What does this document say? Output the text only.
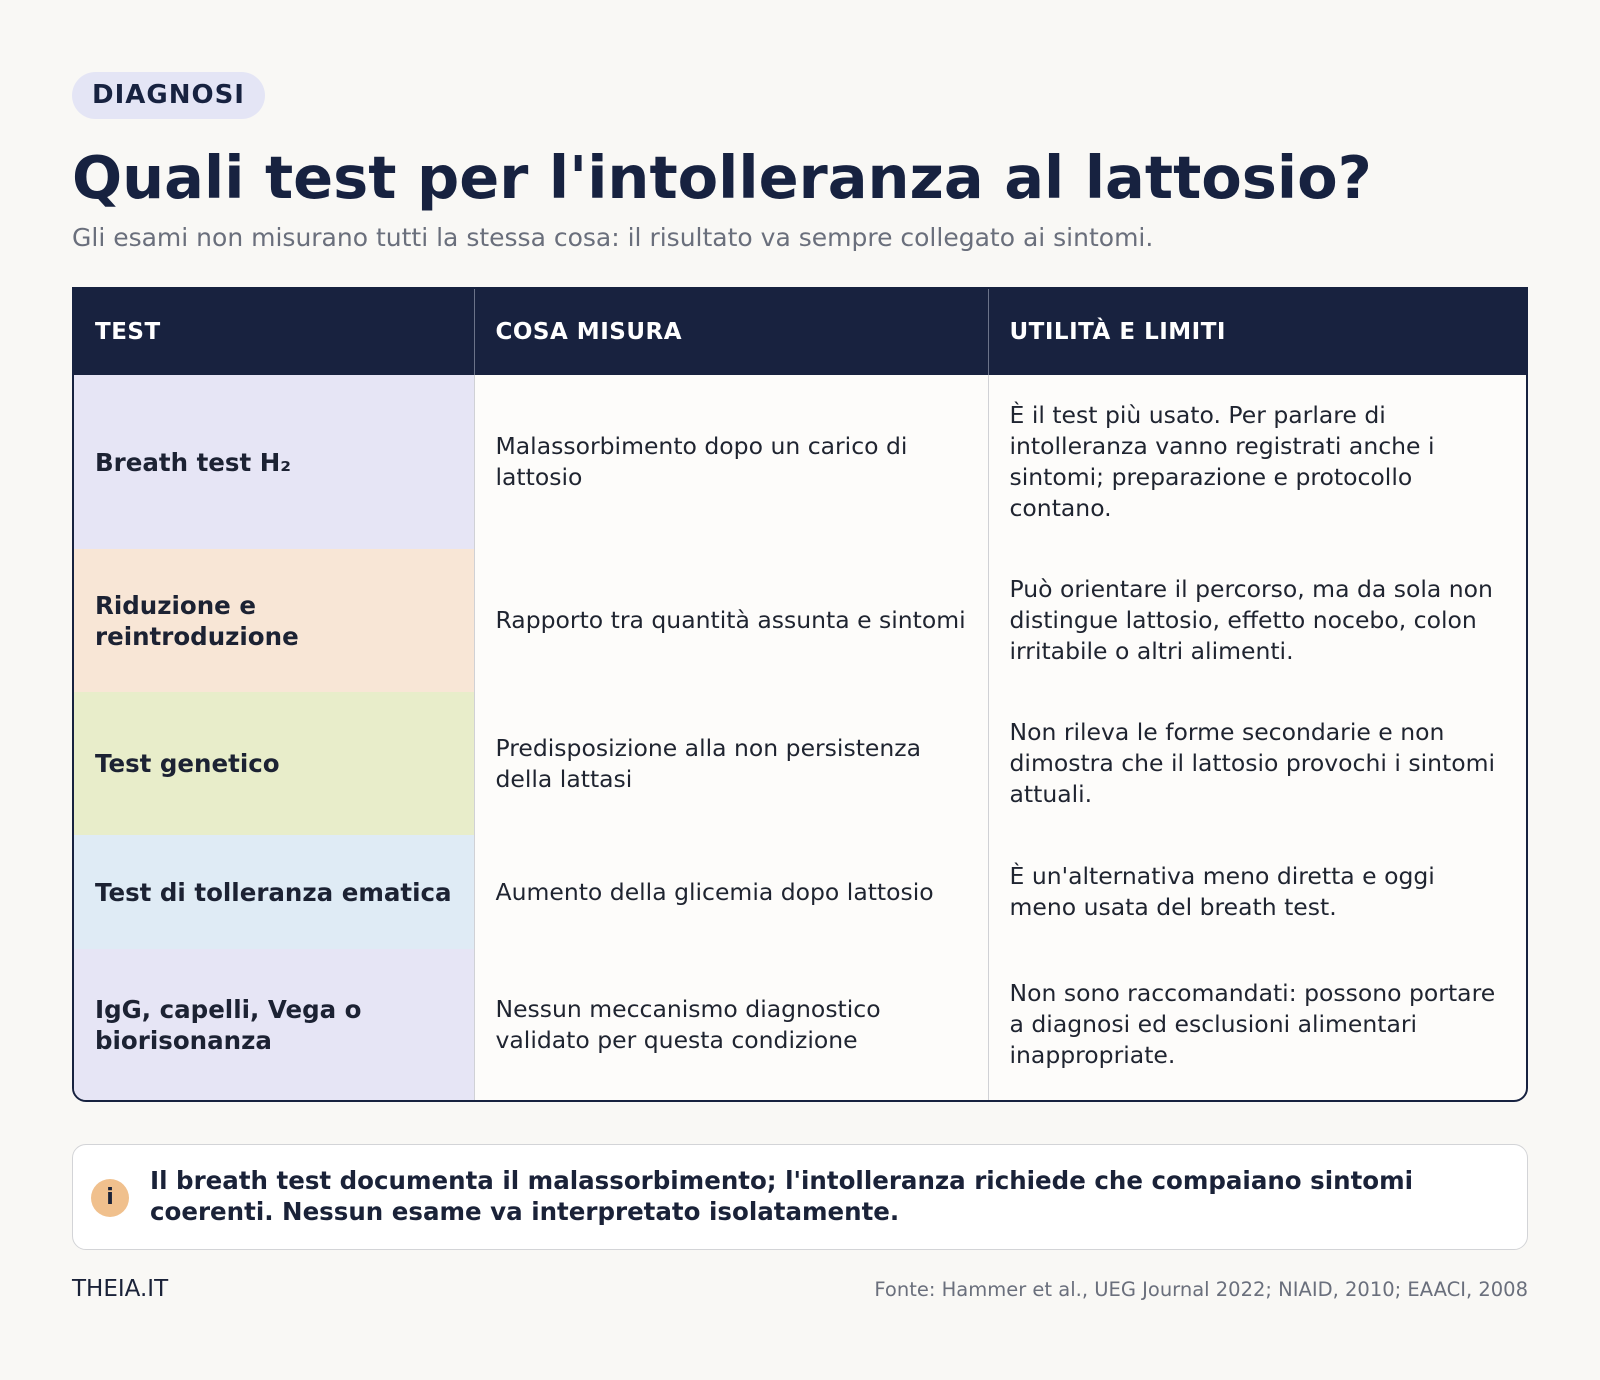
DIAGNOSI
Quali test per l'intolleranza al lattosio?

Gli esami non misurano tutti la stessa cosa: il risultato va sempre collegato ai sintomi.

TEST	COSA MISURA	UTILITÀ E LIMITI
Breath test H₂	Malassorbimento dopo un carico di lattosio	È il test più usato. Per parlare di intolleranza vanno registrati anche i sintomi; preparazione e protocollo contano.
Riduzione e reintroduzione	Rapporto tra quantità assunta e sintomi	Può orientare il percorso, ma da sola non distingue lattosio, effetto nocebo, colon irritabile o altri alimenti.
Test genetico	Predisposizione alla non persistenza della lattasi	Non rileva le forme secondarie e non dimostra che il lattosio provochi i sintomi attuali.
Test di tolleranza ematica	Aumento della glicemia dopo lattosio	È un'alternativa meno diretta e oggi meno usata del breath test.
IgG, capelli, Vega o biorisonanza	Nessun meccanismo diagnostico validato per questa condizione	Non sono raccomandati: possono portare a diagnosi ed esclusioni alimentari inappropriate.
i

Il breath test documenta il malassorbimento; l'intolleranza richiede che compaiano sintomi coerenti. Nessun esame va interpretato isolatamente.

THEIA.IT	Fonte: Hammer et al., UEG Journal 2022; NIAID, 2010; EAACI, 2008
